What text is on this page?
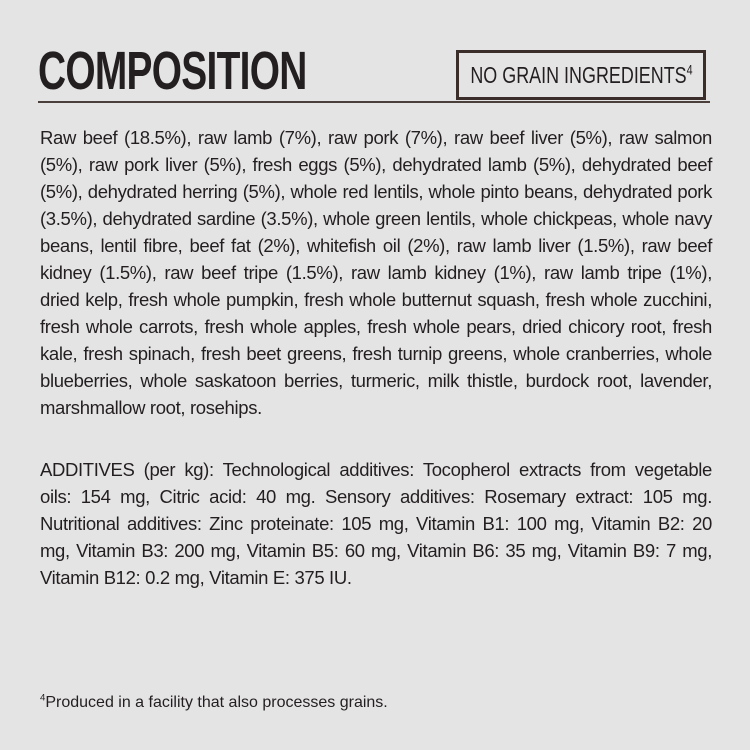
COMPOSITION	NO GRAIN INGREDIENTS$^4$

Raw beef (18.5%), raw lamb (7%), raw pork (7%), raw beef liver (5%), raw salmon (5%), raw pork liver (5%), fresh eggs (5%), dehydrated lamb (5%), dehydrated beef (5%), dehydrated herring (5%), whole red lentils, whole pinto beans, dehydrated pork (3.5%), dehydrated sardine (3.5%), whole green lentils, whole chickpeas, whole navy beans, lentil fibre, beef fat (2%), whitefish oil (2%), raw lamb liver (1.5%), raw beef kidney (1.5%), raw beef tripe (1.5%), raw lamb kidney (1%), raw lamb tripe (1%), dried kelp, fresh whole pumpkin, fresh whole butternut squash, fresh whole zucchini, fresh whole carrots, fresh whole apples, fresh whole pears, dried chicory root, fresh kale, fresh spinach, fresh beet greens, fresh turnip greens, whole cranberries, whole blueberries, whole saskatoon berries, turmeric, milk thistle, burdock root, lavender, marshmallow root, rosehips.

ADDITIVES (per kg): Technological additives: Tocopherol extracts from vegetable oils: 154 mg, Citric acid: 40 mg. Sensory additives: Rosemary extract: 105 mg. Nutritional additives: Zinc proteinate: 105 mg, Vitamin B1: 100 mg, Vitamin B2: 20 mg, Vitamin B3: 200 mg, Vitamin B5: 60 mg, Vitamin B6: 35 mg, Vitamin B9: 7 mg, Vitamin B12: 0.2 mg, Vitamin E: 375 IU.

$^4$Produced in a facility that also processes grains.
